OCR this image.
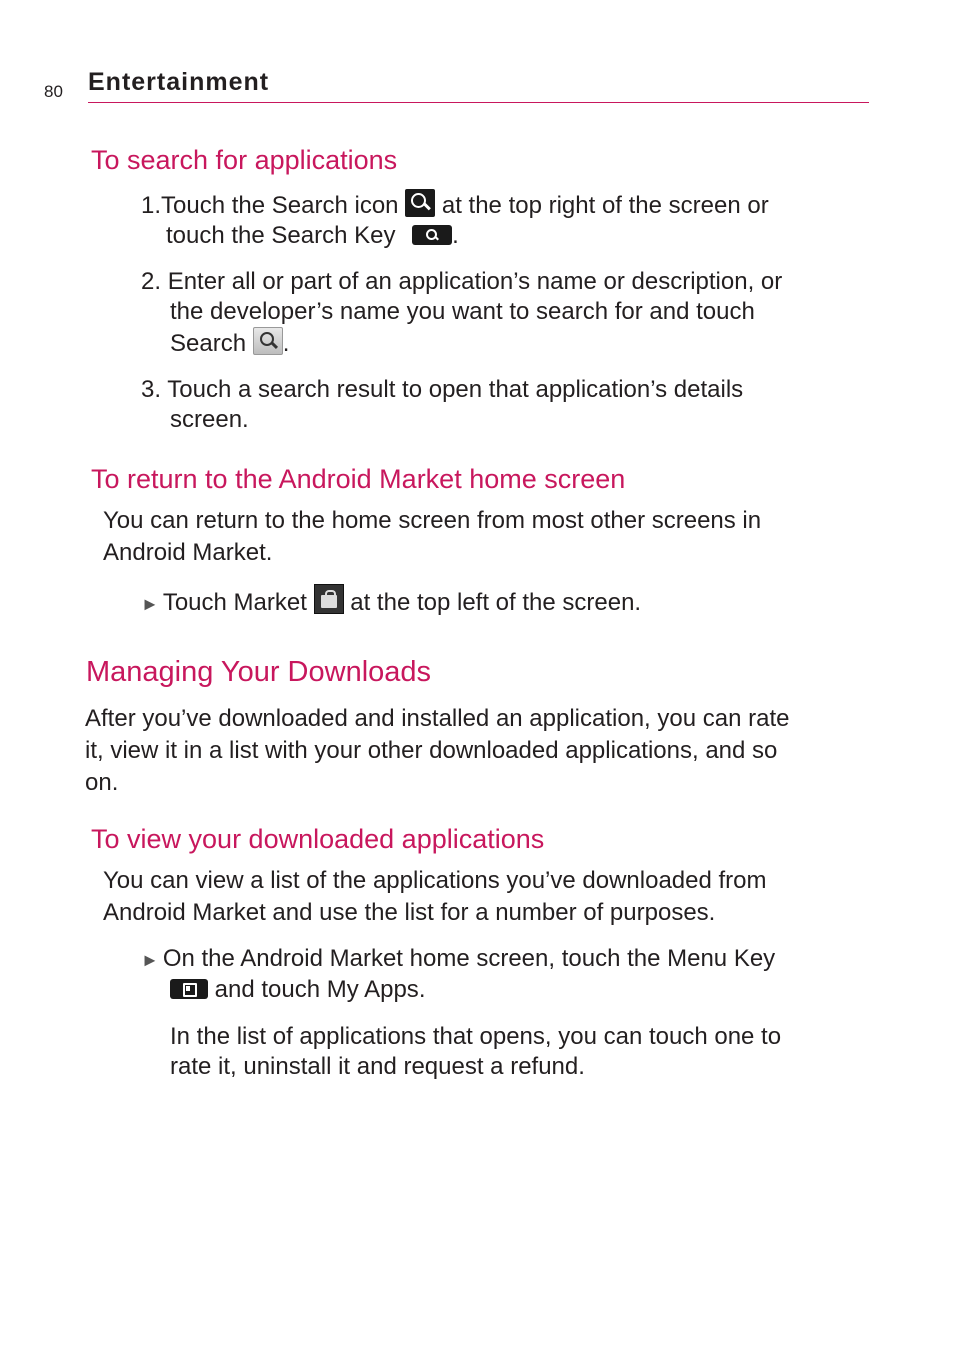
80 Entertainment
To search for applications
1.Touch the Search icon  at the top right of the screen or
touch the Search Key .
2. Enter all or part of an application’s name or description, or
the developer’s name you want to search for and touch
Search .
3. Touch a search result to open that application’s details
screen.
To return to the Android Market home screen
You can return to the home screen from most other screens in
Android Market.
► Touch Market  at the top left of the screen.
Managing Your Downloads
After you’ve downloaded and installed an application, you can rate
it, view it in a list with your other downloaded applications, and so
on.
To view your downloaded applications
You can view a list of the applications you’ve downloaded from
Android Market and use the list for a number of purposes.
► On the Android Market home screen, touch the Menu Key
and touch My Apps.
In the list of applications that opens, you can touch one to
rate it, uninstall it and request a refund.
